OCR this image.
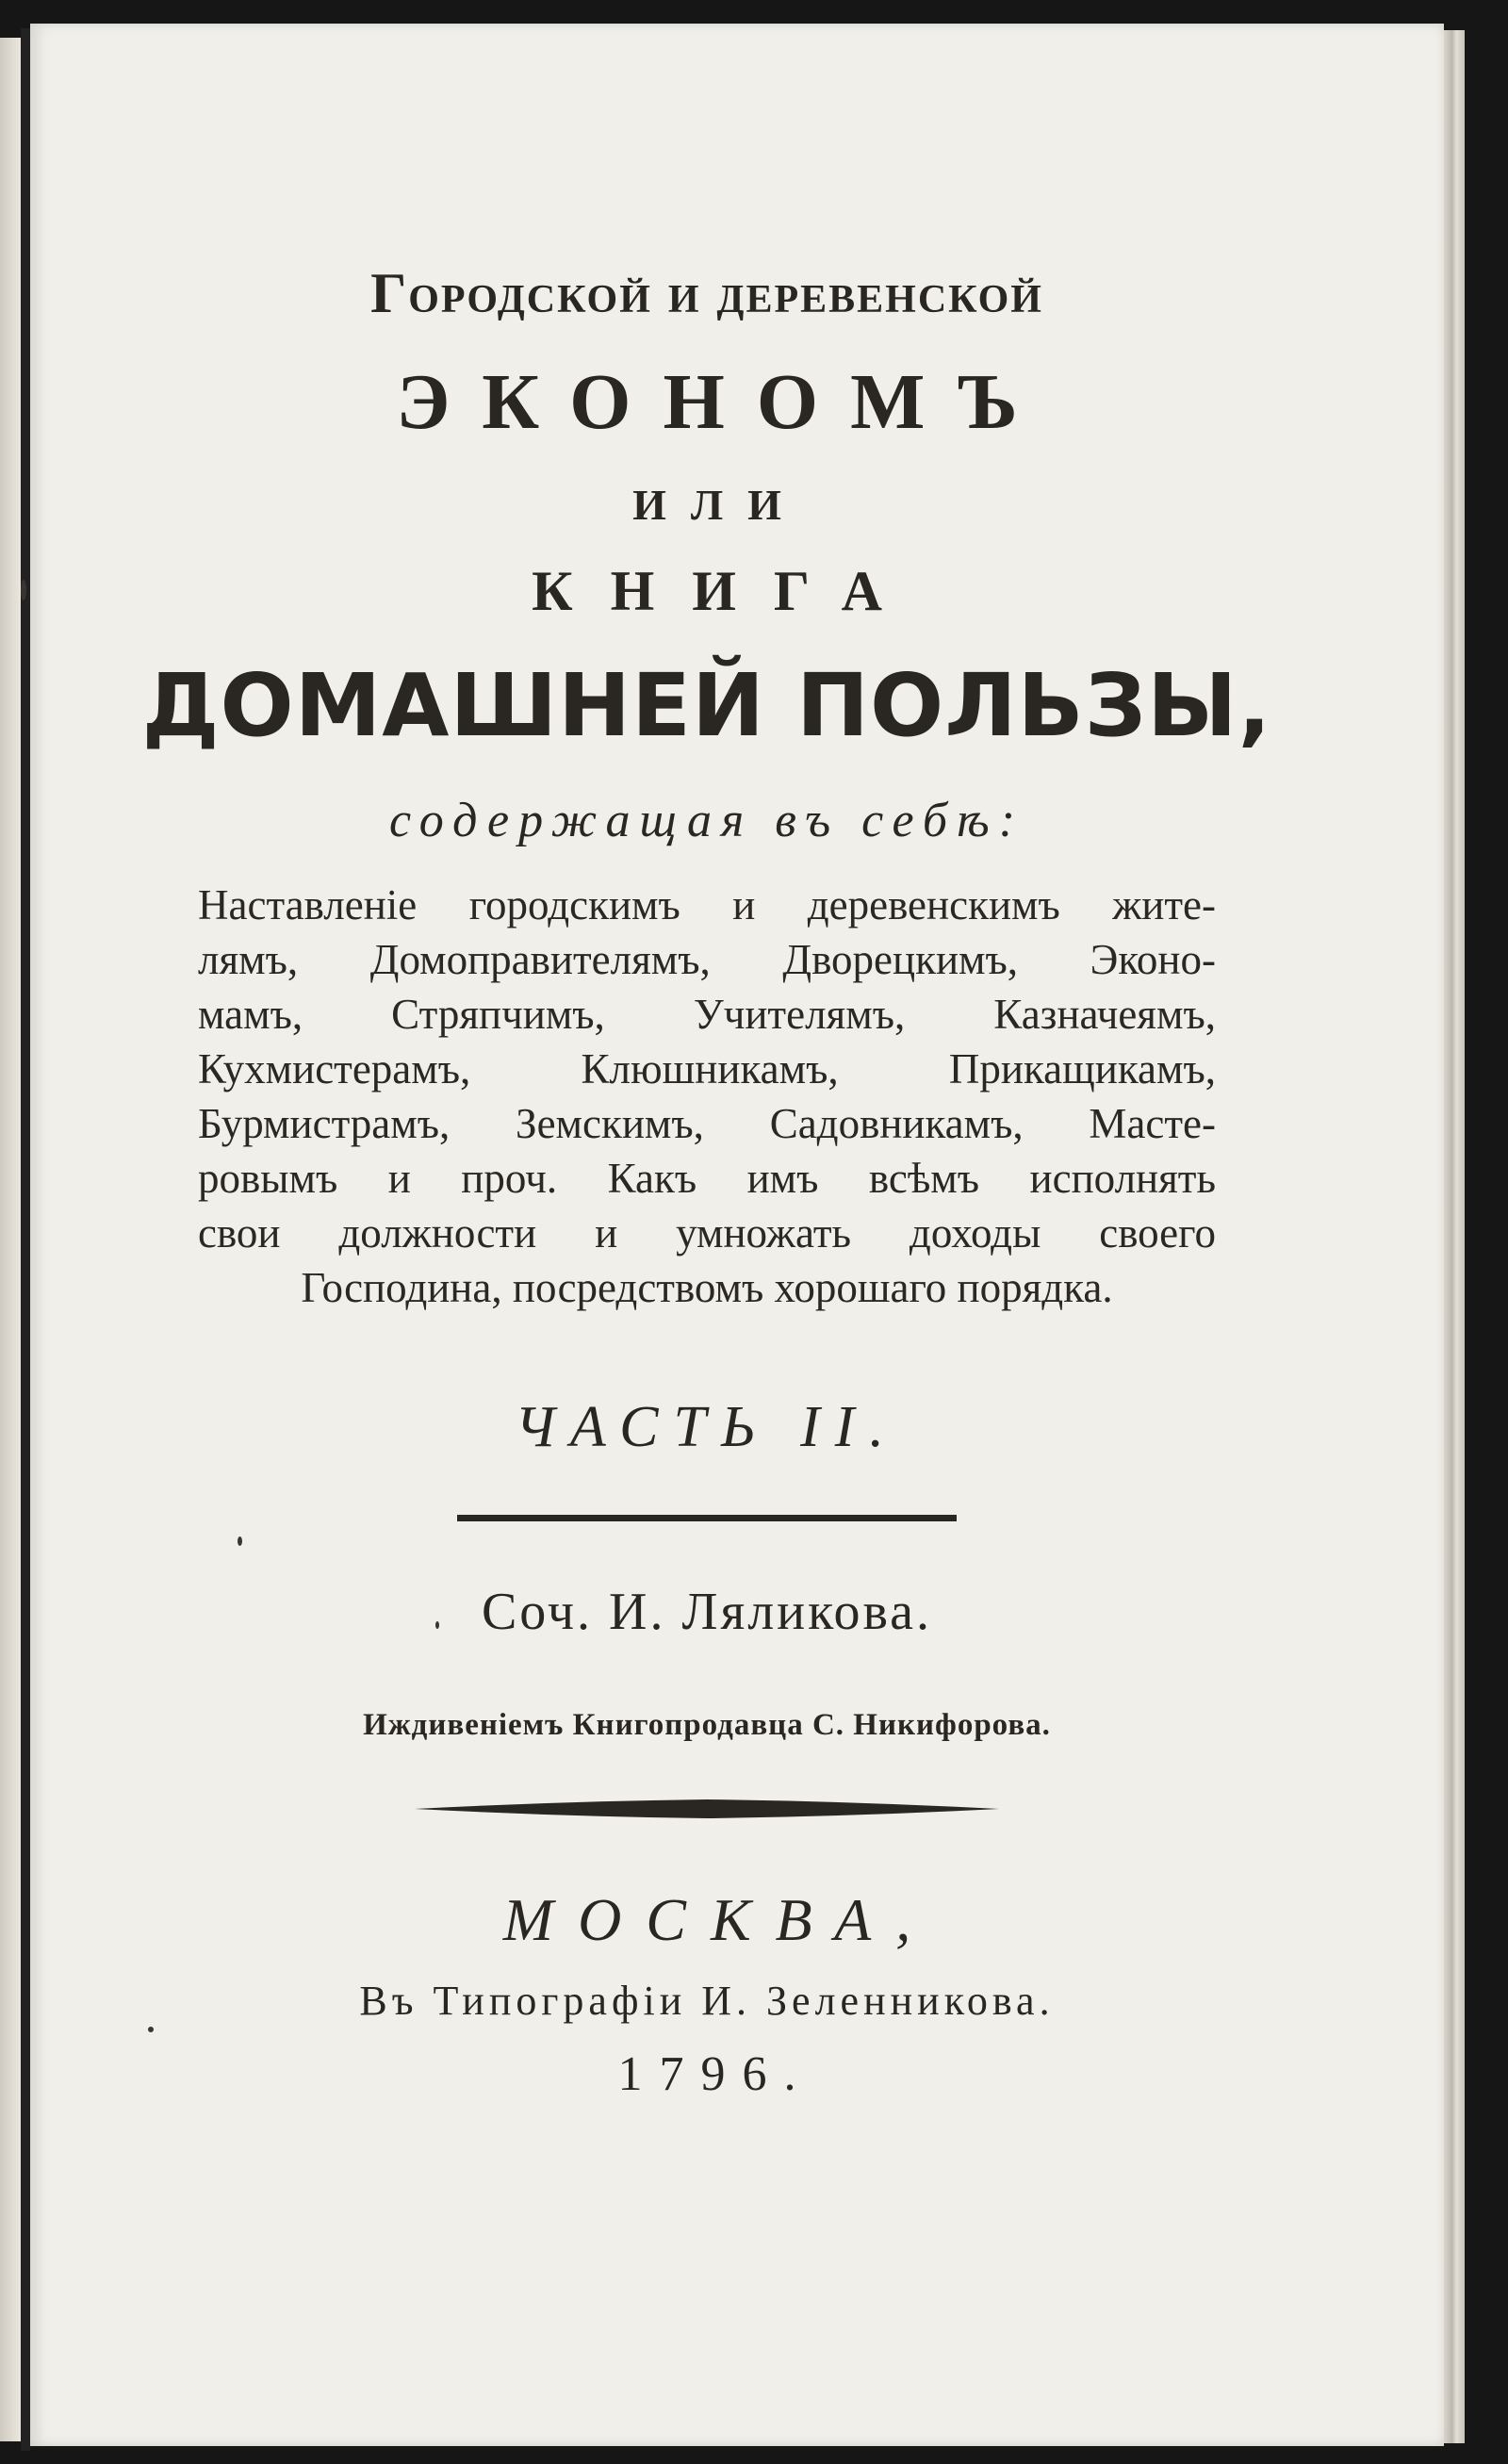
Городской и деревенской

ЭКОНОМЪ

ИЛИ

КНИГА

ДОМАШНЕЙ ПОЛЬЗЫ,

содержащая въ себѣ:

Наставленіе городскимъ и деревенскимъ жите-
лямъ, Домоправителямъ, Дворецкимъ, Эконо-
мамъ, Стряпчимъ, Учителямъ, Казначеямъ,
Кухмистерамъ, Клюшникамъ, Прикащикамъ,
Бурмистрамъ, Земскимъ, Садовникамъ, Масте-
ровымъ и проч. Какъ имъ всѣмъ исполнять
свои должности и умножать доходы своего
Господина, посредствомъ хорошаго порядка.

ЧАСТЬ II.

Соч. И. Ляликова.

Иждивеніемъ Книгопродавца С. Никифорова.

МОСКВА,

Въ Типографіи И. Зеленникова.

1796.
